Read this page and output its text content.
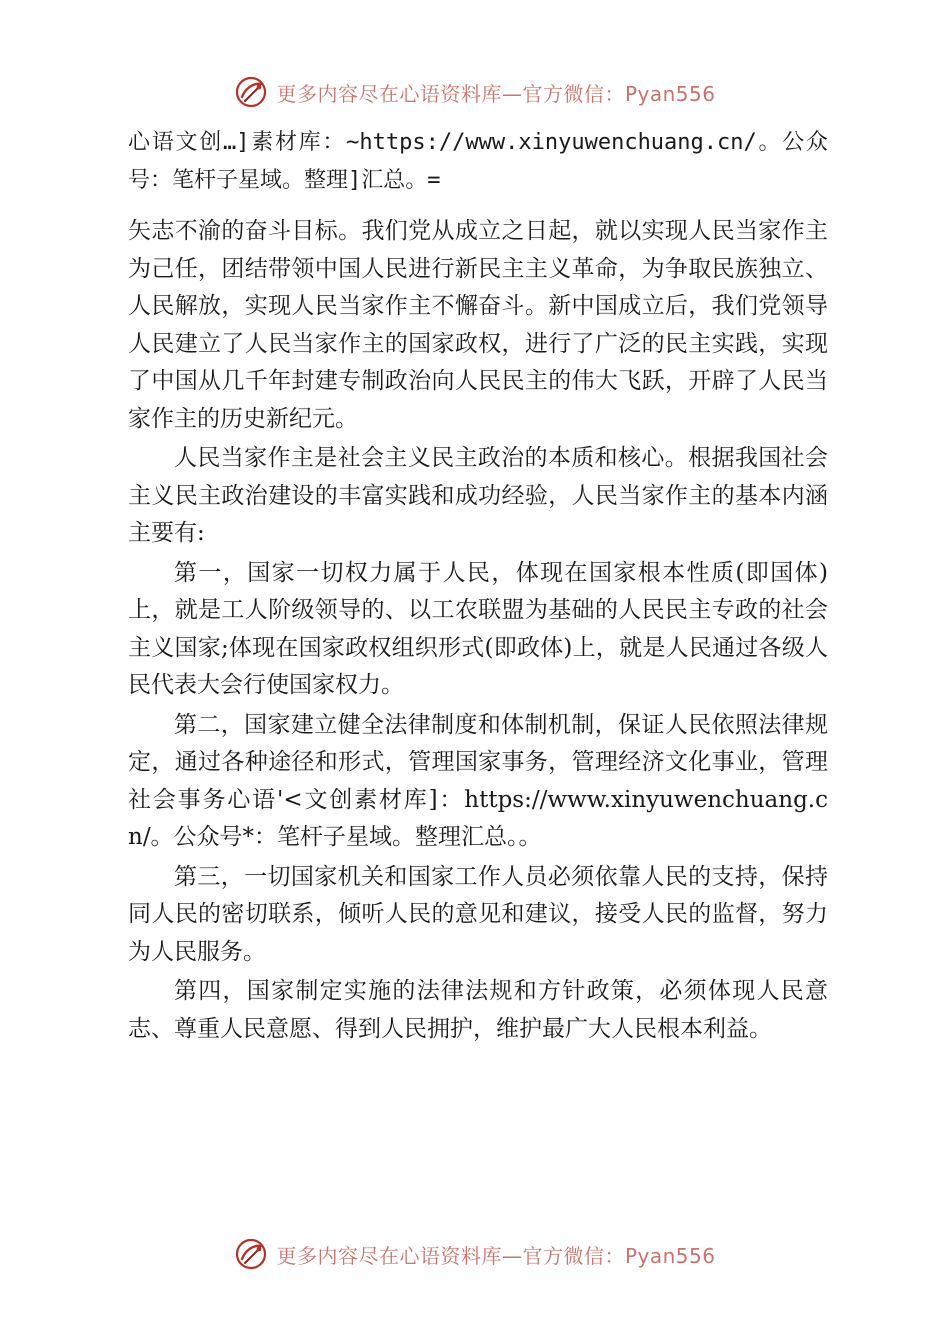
更多内容尽在心语资料库—官方微信：Pyan556

心语文创…]素材库：~https://www.xinyuwenchuang.cn/。公众号：笔杆子星域。整理]汇总。=

矢志不渝的奋斗目标。我们党从成立之日起，就以实现人民当家作主为己任，团结带领中国人民进行新民主主义革命，为争取民族独立、人民解放，实现人民当家作主不懈奋斗。新中国成立后，我们党领导人民建立了人民当家作主的国家政权，进行了广泛的民主实践，实现了中国从几千年封建专制政治向人民民主的伟大飞跃，开辟了人民当家作主的历史新纪元。

人民当家作主是社会主义民主政治的本质和核心。根据我国社会主义民主政治建设的丰富实践和成功经验，人民当家作主的基本内涵主要有:

第一，国家一切权力属于人民，体现在国家根本性质(即国体)上，就是工人阶级领导的、以工农联盟为基础的人民民主专政的社会主义国家;体现在国家政权组织形式(即政体)上，就是人民通过各级人民代表大会行使国家权力。

第二，国家建立健全法律制度和体制机制，保证人民依照法律规定，通过各种途径和形式，管理国家事务，管理经济文化事业，管理社会事务心语'<文创素材库]：https://www.xinyuwenchuang.cn/。公众号*：笔杆子星域。整理汇总。。

第三，一切国家机关和国家工作人员必须依靠人民的支持，保持同人民的密切联系，倾听人民的意见和建议，接受人民的监督，努力为人民服务。

第四，国家制定实施的法律法规和方针政策，必须体现人民意志、尊重人民意愿、得到人民拥护，维护最广大人民根本利益。

更多内容尽在心语资料库—官方微信：Pyan556
